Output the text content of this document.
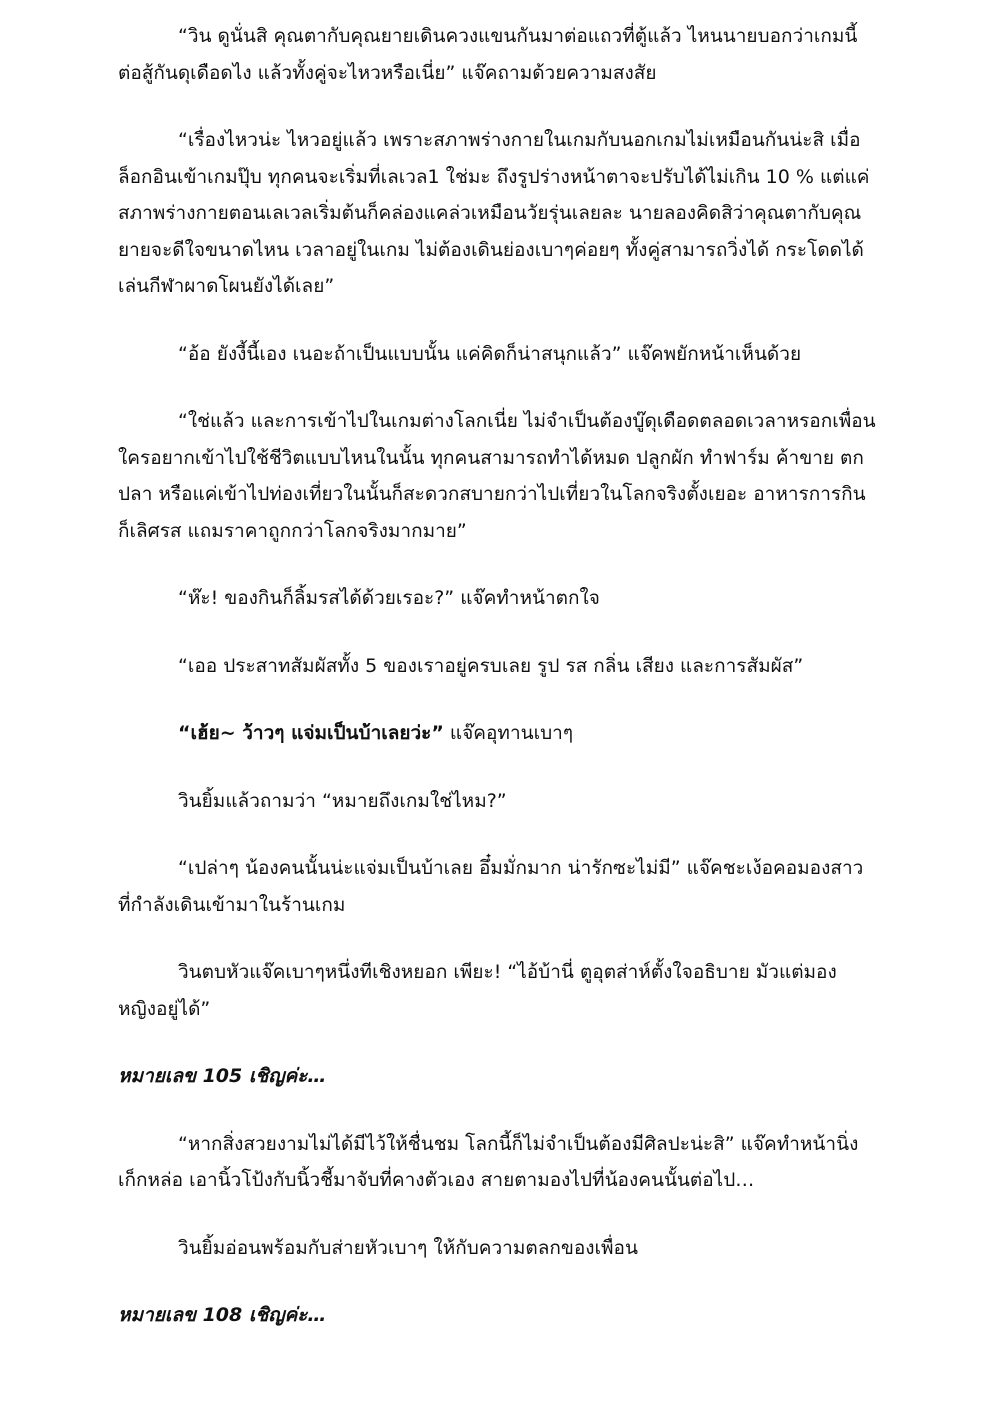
“วิน ดูนั่นสิ คุณตากับคุณยายเดินควงแขนกันมาต่อแถวที่ตู้แล้ว ไหนนายบอกว่าเกมนี้
ต่อสู้กันดุเดือดไง แล้วทั้งคู่จะไหวหรือเนี่ย” แจ๊คถามด้วยความสงสัย

“เรื่องไหวน่ะ ไหวอยู่แล้ว เพราะสภาพร่างกายในเกมกับนอกเกมไม่เหมือนกันน่ะสิ เมื่อ
ล็อกอินเข้าเกมปุ๊บ ทุกคนจะเริ่มที่เลเวล1 ใช่มะ ถึงรูปร่างหน้าตาจะปรับได้ไม่เกิน 10 % แต่แค่
สภาพร่างกายตอนเลเวลเริ่มต้นก็คล่องแคล่วเหมือนวัยรุ่นเลยละ นายลองคิดสิว่าคุณตากับคุณ
ยายจะดีใจขนาดไหน เวลาอยู่ในเกม ไม่ต้องเดินย่องเบาๆค่อยๆ ทั้งคู่สามารถวิ่งได้ กระโดดได้
เล่นกีฬาผาดโผนยังได้เลย”

“อ้อ ยังงี้นี้เอง เนอะถ้าเป็นแบบนั้น แค่คิดก็น่าสนุกแล้ว” แจ๊คพยักหน้าเห็นด้วย

“ใช่แล้ว และการเข้าไปในเกมต่างโลกเนี่ย ไม่จำเป็นต้องบู๊ดุเดือดตลอดเวลาหรอกเพื่อน
ใครอยากเข้าไปใช้ชีวิตแบบไหนในนั้น ทุกคนสามารถทำได้หมด ปลูกผัก ทำฟาร์ม ค้าขาย ตก
ปลา หรือแค่เข้าไปท่องเที่ยวในนั้นก็สะดวกสบายกว่าไปเที่ยวในโลกจริงตั้งเยอะ อาหารการกิน
ก็เลิศรส แถมราคาถูกกว่าโลกจริงมากมาย”

“ห๊ะ! ของกินก็ลิ้มรสได้ด้วยเรอะ?” แจ๊คทำหน้าตกใจ

“เออ ประสาทสัมผัสทั้ง 5 ของเราอยู่ครบเลย รูป รส กลิ่น เสียง และการสัมผัส”

“เฮ้ย~ ว้าวๆ แจ่มเป็นบ้าเลยว่ะ” แจ๊คอุทานเบาๆ

วินยิ้มแล้วถามว่า “หมายถึงเกมใช่ไหม?”

“เปล่าๆ น้องคนนั้นน่ะแจ่มเป็นบ้าเลย อึ๋มมั่กมาก น่ารักซะไม่มี” แจ๊คชะเง้อคอมองสาว
ที่กำลังเดินเข้ามาในร้านเกม

วินตบหัวแจ๊คเบาๆหนึ่งทีเชิงหยอก เพียะ! “ไอ้บ้านี่ ตูอุตส่าห์ตั้งใจอธิบาย มัวแต่มอง
หญิงอยู่ได้”

หมายเลข 105 เชิญค่ะ…

“หากสิ่งสวยงามไม่ได้มีไว้ให้ชื่นชม โลกนี้ก็ไม่จำเป็นต้องมีศิลปะน่ะสิ” แจ๊คทำหน้านิ่ง
เก็กหล่อ เอานิ้วโป้งกับนิ้วชี้มาจับที่คางตัวเอง สายตามองไปที่น้องคนนั้นต่อไป…

วินยิ้มอ่อนพร้อมกับส่ายหัวเบาๆ ให้กับความตลกของเพื่อน

หมายเลข 108 เชิญค่ะ…
